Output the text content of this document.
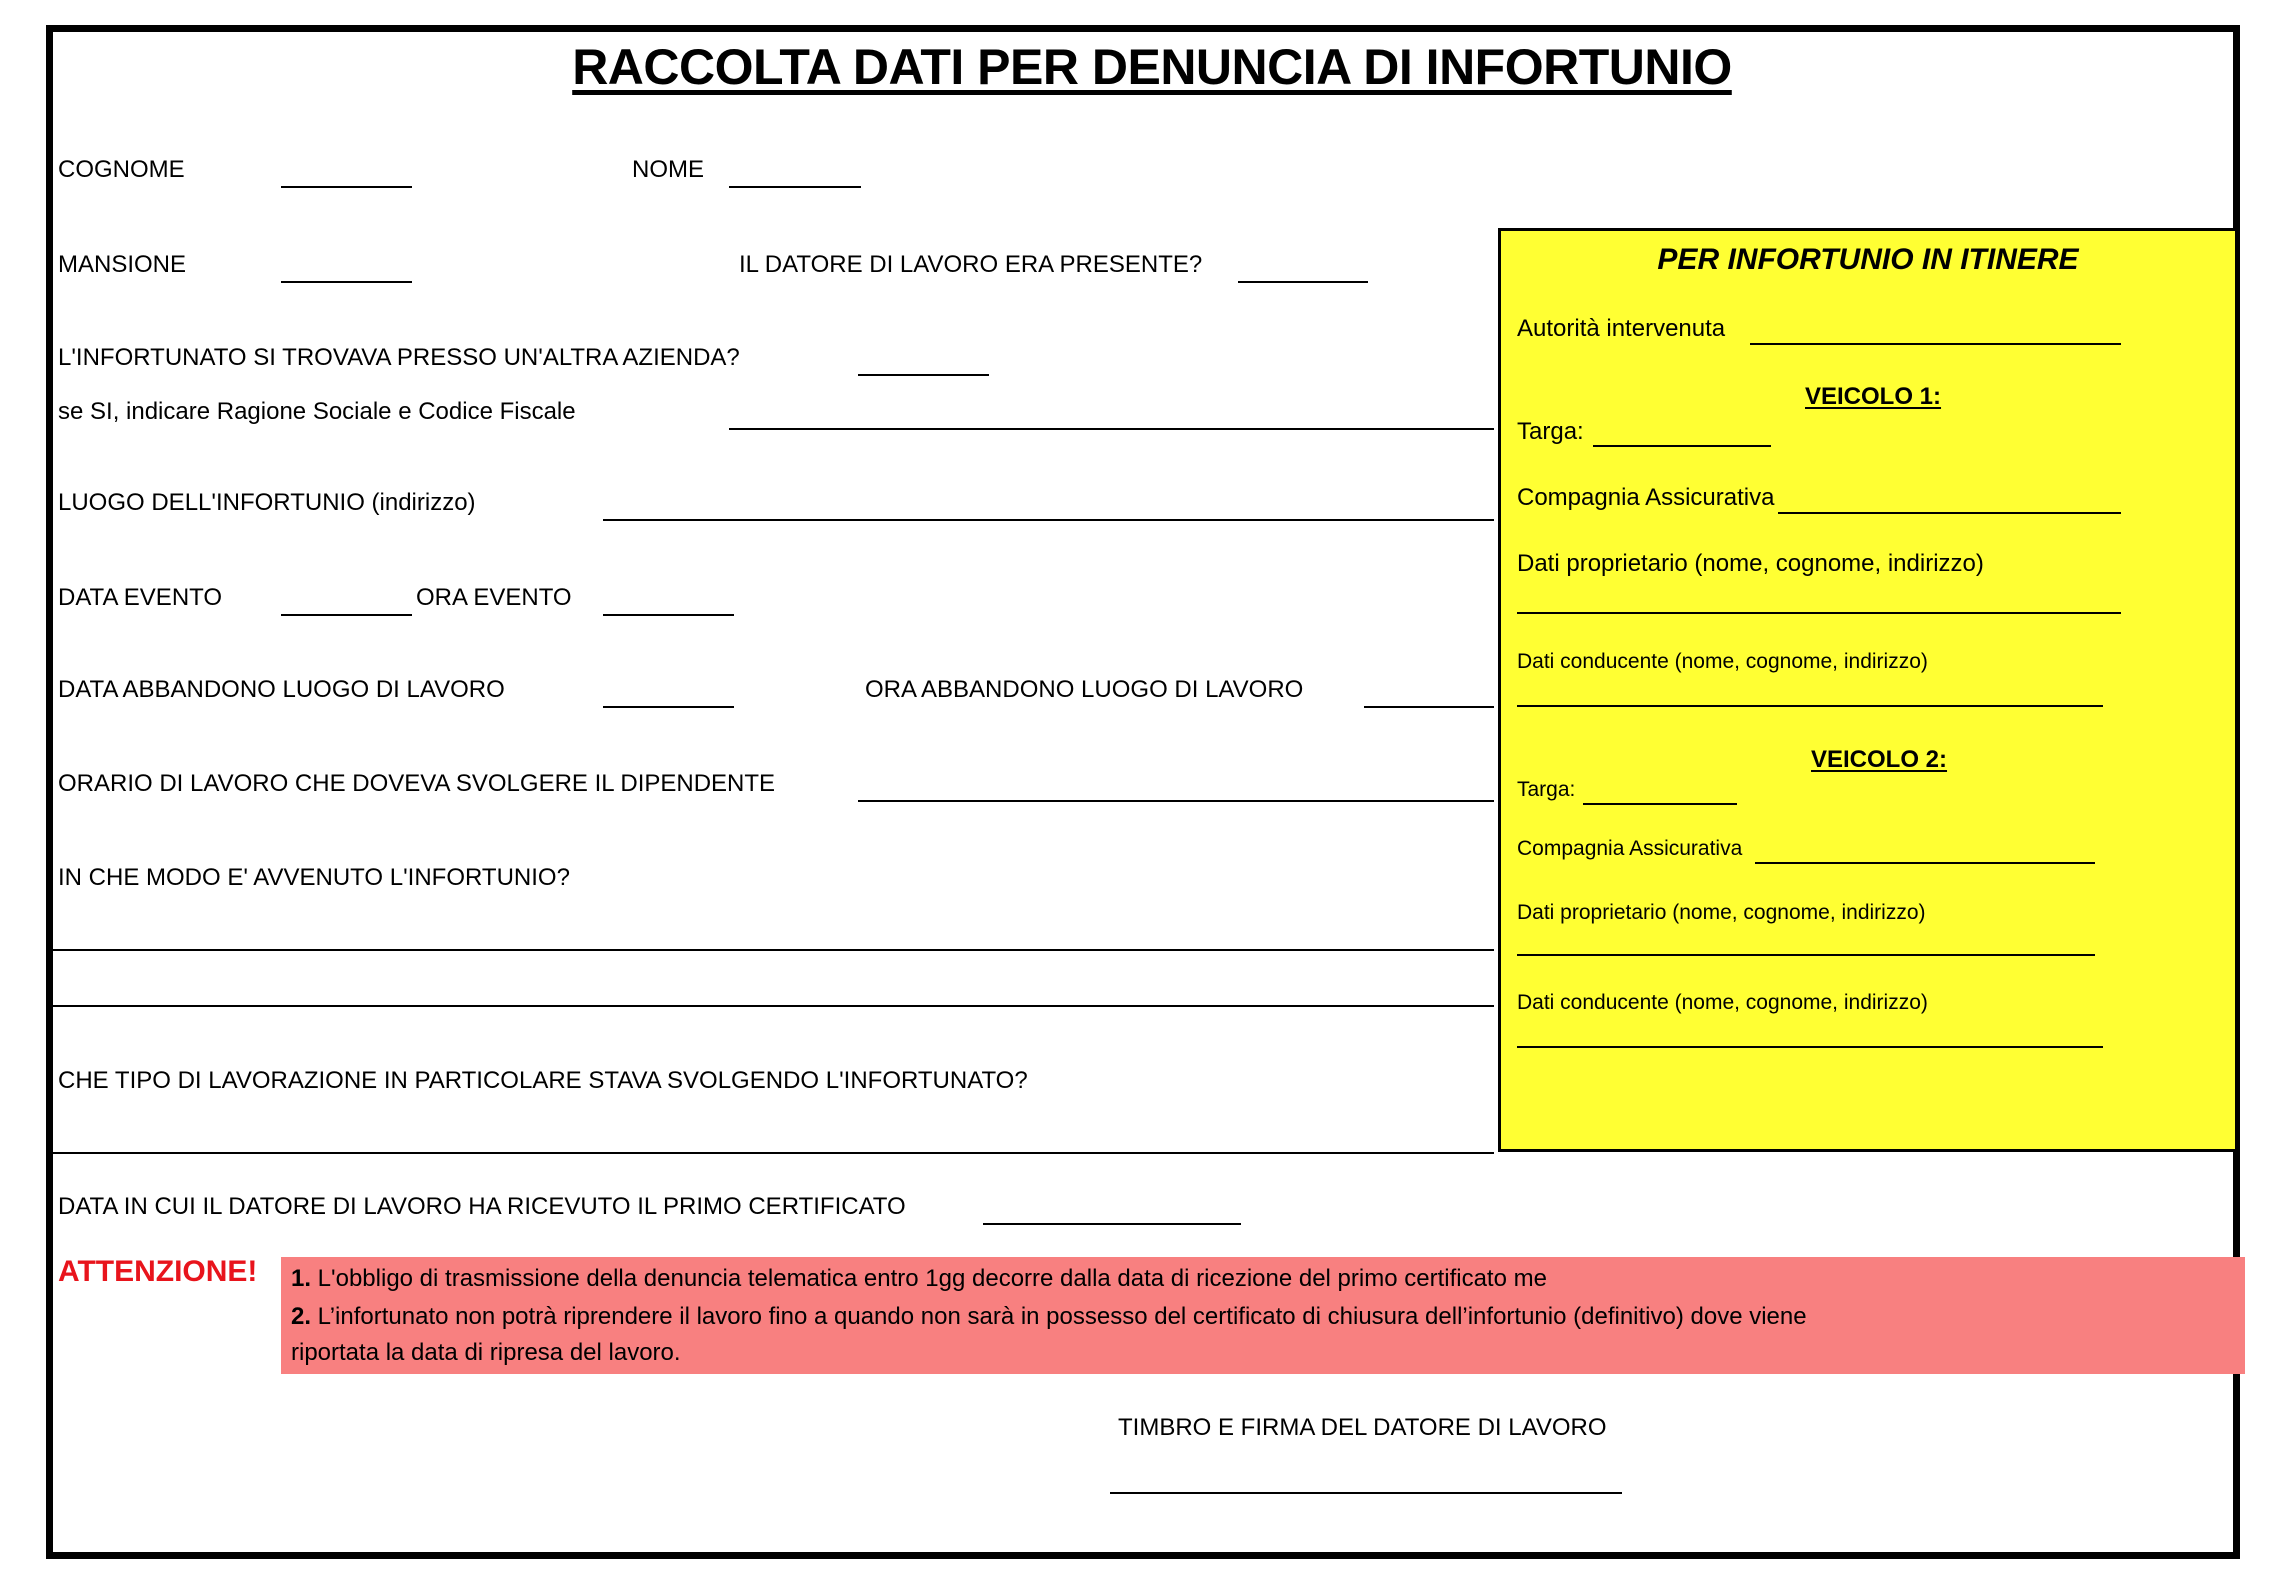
RACCOLTA DATI PER DENUNCIA DI INFORTUNIO
COGNOME	NOME
MANSIONE	IL DATORE DI LAVORO ERA PRESENTE?
L'INFORTUNATO SI TROVAVA PRESSO UN'ALTRA AZIENDA?
se SI, indicare Ragione Sociale e Codice Fiscale
LUOGO DELL'INFORTUNIO (indirizzo)
DATA EVENTO	ORA EVENTO
DATA ABBANDONO LUOGO DI LAVORO	ORA ABBANDONO LUOGO DI LAVORO
ORARIO DI LAVORO CHE DOVEVA SVOLGERE IL DIPENDENTE
IN CHE MODO E' AVVENUTO L'INFORTUNIO?
CHE TIPO DI LAVORAZIONE IN PARTICOLARE STAVA SVOLGENDO L'INFORTUNATO?
DATA IN CUI IL DATORE DI LAVORO HA RICEVUTO IL PRIMO CERTIFICATO
PER INFORTUNIO IN ITINERE
Autorità intervenuta
VEICOLO 1:
Targa:
Compagnia Assicurativa
Dati proprietario (nome, cognome, indirizzo)
Dati conducente (nome, cognome, indirizzo)
VEICOLO 2:
Targa:
Compagnia Assicurativa
Dati proprietario (nome, cognome, indirizzo)
Dati conducente (nome, cognome, indirizzo)
ATTENZIONE! 1. L'obbligo di trasmissione della denuncia telematica entro 1gg decorre dalla data di ricezione del primo certificato me
2. L’infortunato non potrà riprendere il lavoro fino a quando non sarà in possesso del certificato di chiusura dell’infortunio (definitivo) dove viene
riportata la data di ripresa del lavoro.
TIMBRO E FIRMA DEL DATORE DI LAVORO
